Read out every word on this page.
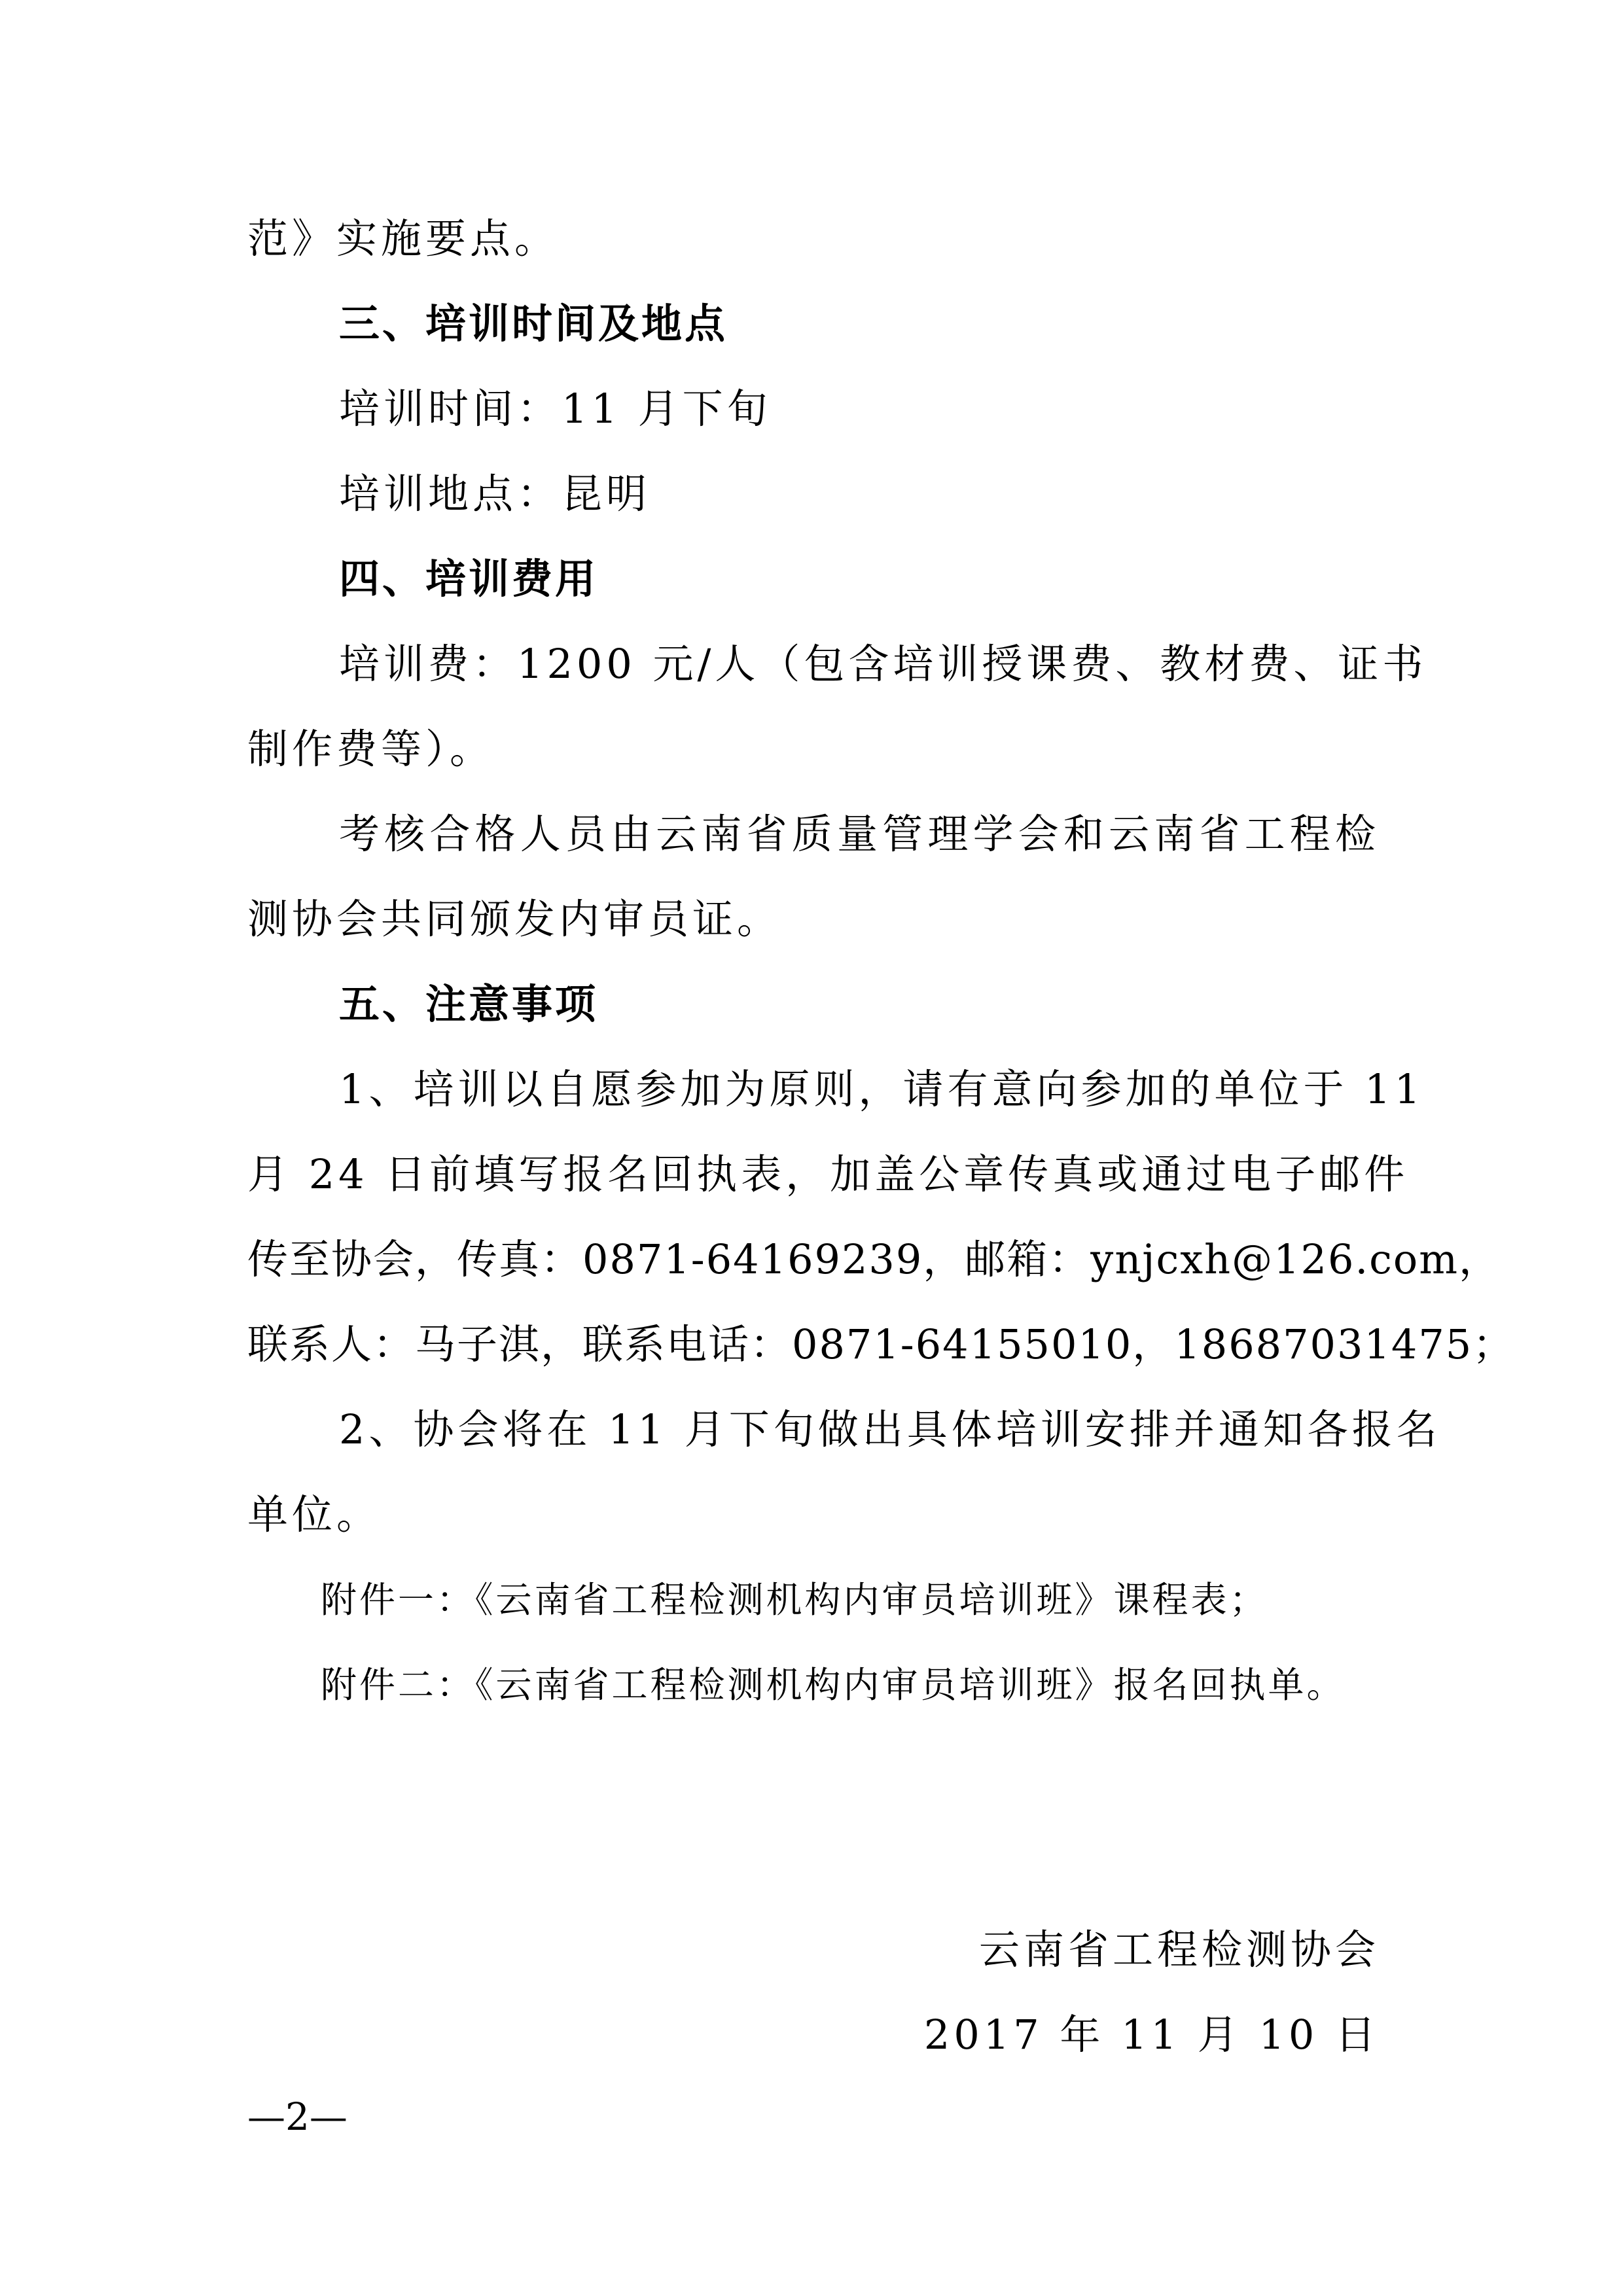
范》实施要点。
三、培训时间及地点
培训时间：11 月下旬
培训地点：昆明
四、培训费用
培训费：1200 元/人（包含培训授课费、教材费、证书
制作费等）。
考核合格人员由云南省质量管理学会和云南省工程检
测协会共同颁发内审员证。
五、注意事项
1、培训以自愿参加为原则，请有意向参加的单位于 11
月 24 日前填写报名回执表，加盖公章传真或通过电子邮件
传至协会，传真：0871-64169239，邮箱：ynjcxh@126.com，
联系人：马子淇，联系电话：0871-64155010，18687031475；
2、协会将在 11 月下旬做出具体培训安排并通知各报名
单位。
附件一：《云南省工程检测机构内审员培训班》课程表；
附件二：《云南省工程检测机构内审员培训班》报名回执单。
云南省工程检测协会
2017 年 11 月 10 日
—2—
